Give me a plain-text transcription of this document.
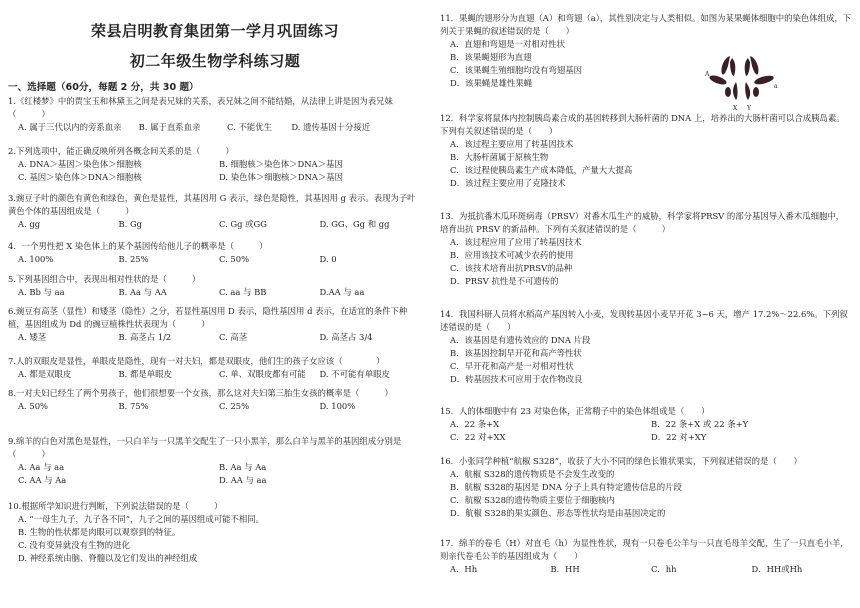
荣县启明教育集团第一学月巩固练习
初二年级生物学科练习题
一、选择题（60分，每题 2 分，共 30 题）

1.《红楼梦》中的贾宝玉和林黛玉之间是表兄妹的关系，表兄妹之间不能结婚，从法律上讲是因为表兄妹（　　　）

A. 属于三代以内的旁系血亲	B. 属于直系血亲	C. 不能优生	D. 遗传基因十分接近

2.下列选项中，能正确反映所列各概念间关系的是（　　　）

A. DNA＞基因＞染色体＞细胞核	B. 细胞核＞染色体＞DNA＞基因
C. 基因＞染色体＞DNA＞细胞核	D. 染色体＞细胞核＞DNA＞基因

3.豌豆子叶的颜色有黄色和绿色，黄色是显性，其基因用 G 表示，绿色是隐性，其基因用 g 表示。表现为子叶黄色个体的基因组成是（　　　）

A. gg	B. Gg	C. Gg 或GG	D. GG、Gg 和 gg

4．一个男性把 X 染色体上的某个基因传给他儿子的概率是（　　　）

A. 100%	B. 25%	C. 50%	D. 0

5.下列基因组合中，表现出相对性状的是（　　　）

A. Bb 与 aa	B. Aa 与 AA	C. aa 与 BB	D.AA 与 aa

6.豌豆有高茎（显性）和矮茎（隐性）之分，若显性基因用 D 表示，隐性基因用 d 表示，在适宜的条件下种植，基因组成为 Dd 的豌豆植株性状表现为（　　　）

A. 矮茎	B. 高茎占 1/2	C. 高茎	D. 高茎占 3/4

7.人的双眼皮是显性，单眼皮是隐性，现有一对夫妇，都是双眼皮，他们生的孩子女应该（　　　　）

A. 都是双眼皮	B. 都是单眼皮	C. 单、双眼皮都有可能	D. 不可能有单眼皮

8.一对夫妇已经生了两个男孩子，他们很想要一个女孩，那么这对夫妇第三胎生女孩的概率是（　　　）

A. 50%	B. 75%	C. 25%	D. 100%

9.绵羊的白色对黑色是显性，一只白羊与一只黑羊交配生了一只小黑羊，那么白羊与黑羊的基因组成分别是（　　　）

A. Aa 与 aa	B. Aa 与 Aa
C. AA 与 Aa	D. AA 与 aa

10.根据所学知识进行判断，下列说法错误的是（　　　）

A. “一母生九子，九子各不同”，九子之间的基因组成可能不相同。
B. 生物的性状都是肉眼可以观察到的特征。
C. 没有变异就没有生物的进化
D. 神经系统由脑、脊髓以及它们发出的神经组成

11．果蝇的翅形分为直翅（A）和弯翅（a），其性别决定与人类相似。如图为某果蝇体细胞中的染色体组成，下列关于果蝇的叙述错误的是（　　）

A．直翅和弯翅是一对相对性状
B．该果蝇翅形为直翅
C．该果蝇生殖细胞均没有弯翅基因
D．该果蝇是雄性果蝇
A
a
X Y

12．科学家将鼠体内控制胰岛素合成的基因转移到大肠杆菌的 DNA 上，培养出的大肠杆菌可以合成胰岛素。下列有关叙述错误的是（　　）

A．该过程主要应用了转基因技术
B．大肠杆菌属于原核生物
C．该过程使胰岛素生产成本降低，产量大大提高
D．该过程主要应用了克隆技术

13．为抵抗番木瓜环斑病毒（PRSV）对番木瓜生产的威胁，科学家将PRSV 的部分基因导入番木瓜细胞中，培育出抗 PRSV 的新品种。下列有关叙述错误的是（　　　）

A．该过程应用了应用了转基因技术
B．应用该技术可减少农药的使用
C．该技术培育出抗PRSV的品种
D．PRSV 抗性是不可遗传的

14．我国科研人员将水稻高产基因转入小麦，发现转基因小麦早开花 3~6 天，增产 17.2%～22.6%。下列叙述错误的是（　　）

A．该基因是有遗传效应的 DNA 片段
B．该基因控制早开花和高产等性状
C．早开花和高产是一对相对性状
D．转基因技术可应用于农作物改良

15．人的体细胞中有 23 对染色体，正常精子中的染色体组成是（　　）

A．22 条+X	B．22 条+X 或 22 条+Y
C．22 对+XX	D．22 对+XY

16．小张同学种植“航椒 S328”，收获了大小不同的绿色长锥状果实，下列叙述错误的是（　　）

A．航椒 S328的遗传物质是不会发生改变的
B．航椒 S328的基因是 DNA 分子上具有特定遗传信息的片段
C．航椒 S328的遗传物质主要位于细胞核内
D．航椒 S328的果实颜色、形态等性状均是由基因决定的

17．绵羊的卷毛（H）对直毛（h）为显性性状，现有一只卷毛公羊与一只直毛母羊交配，生了一只直毛小羊，则亲代卷毛公羊的基因组成为（　　）

A．Hh	B．HH	C．hh	D．HH或Hh
